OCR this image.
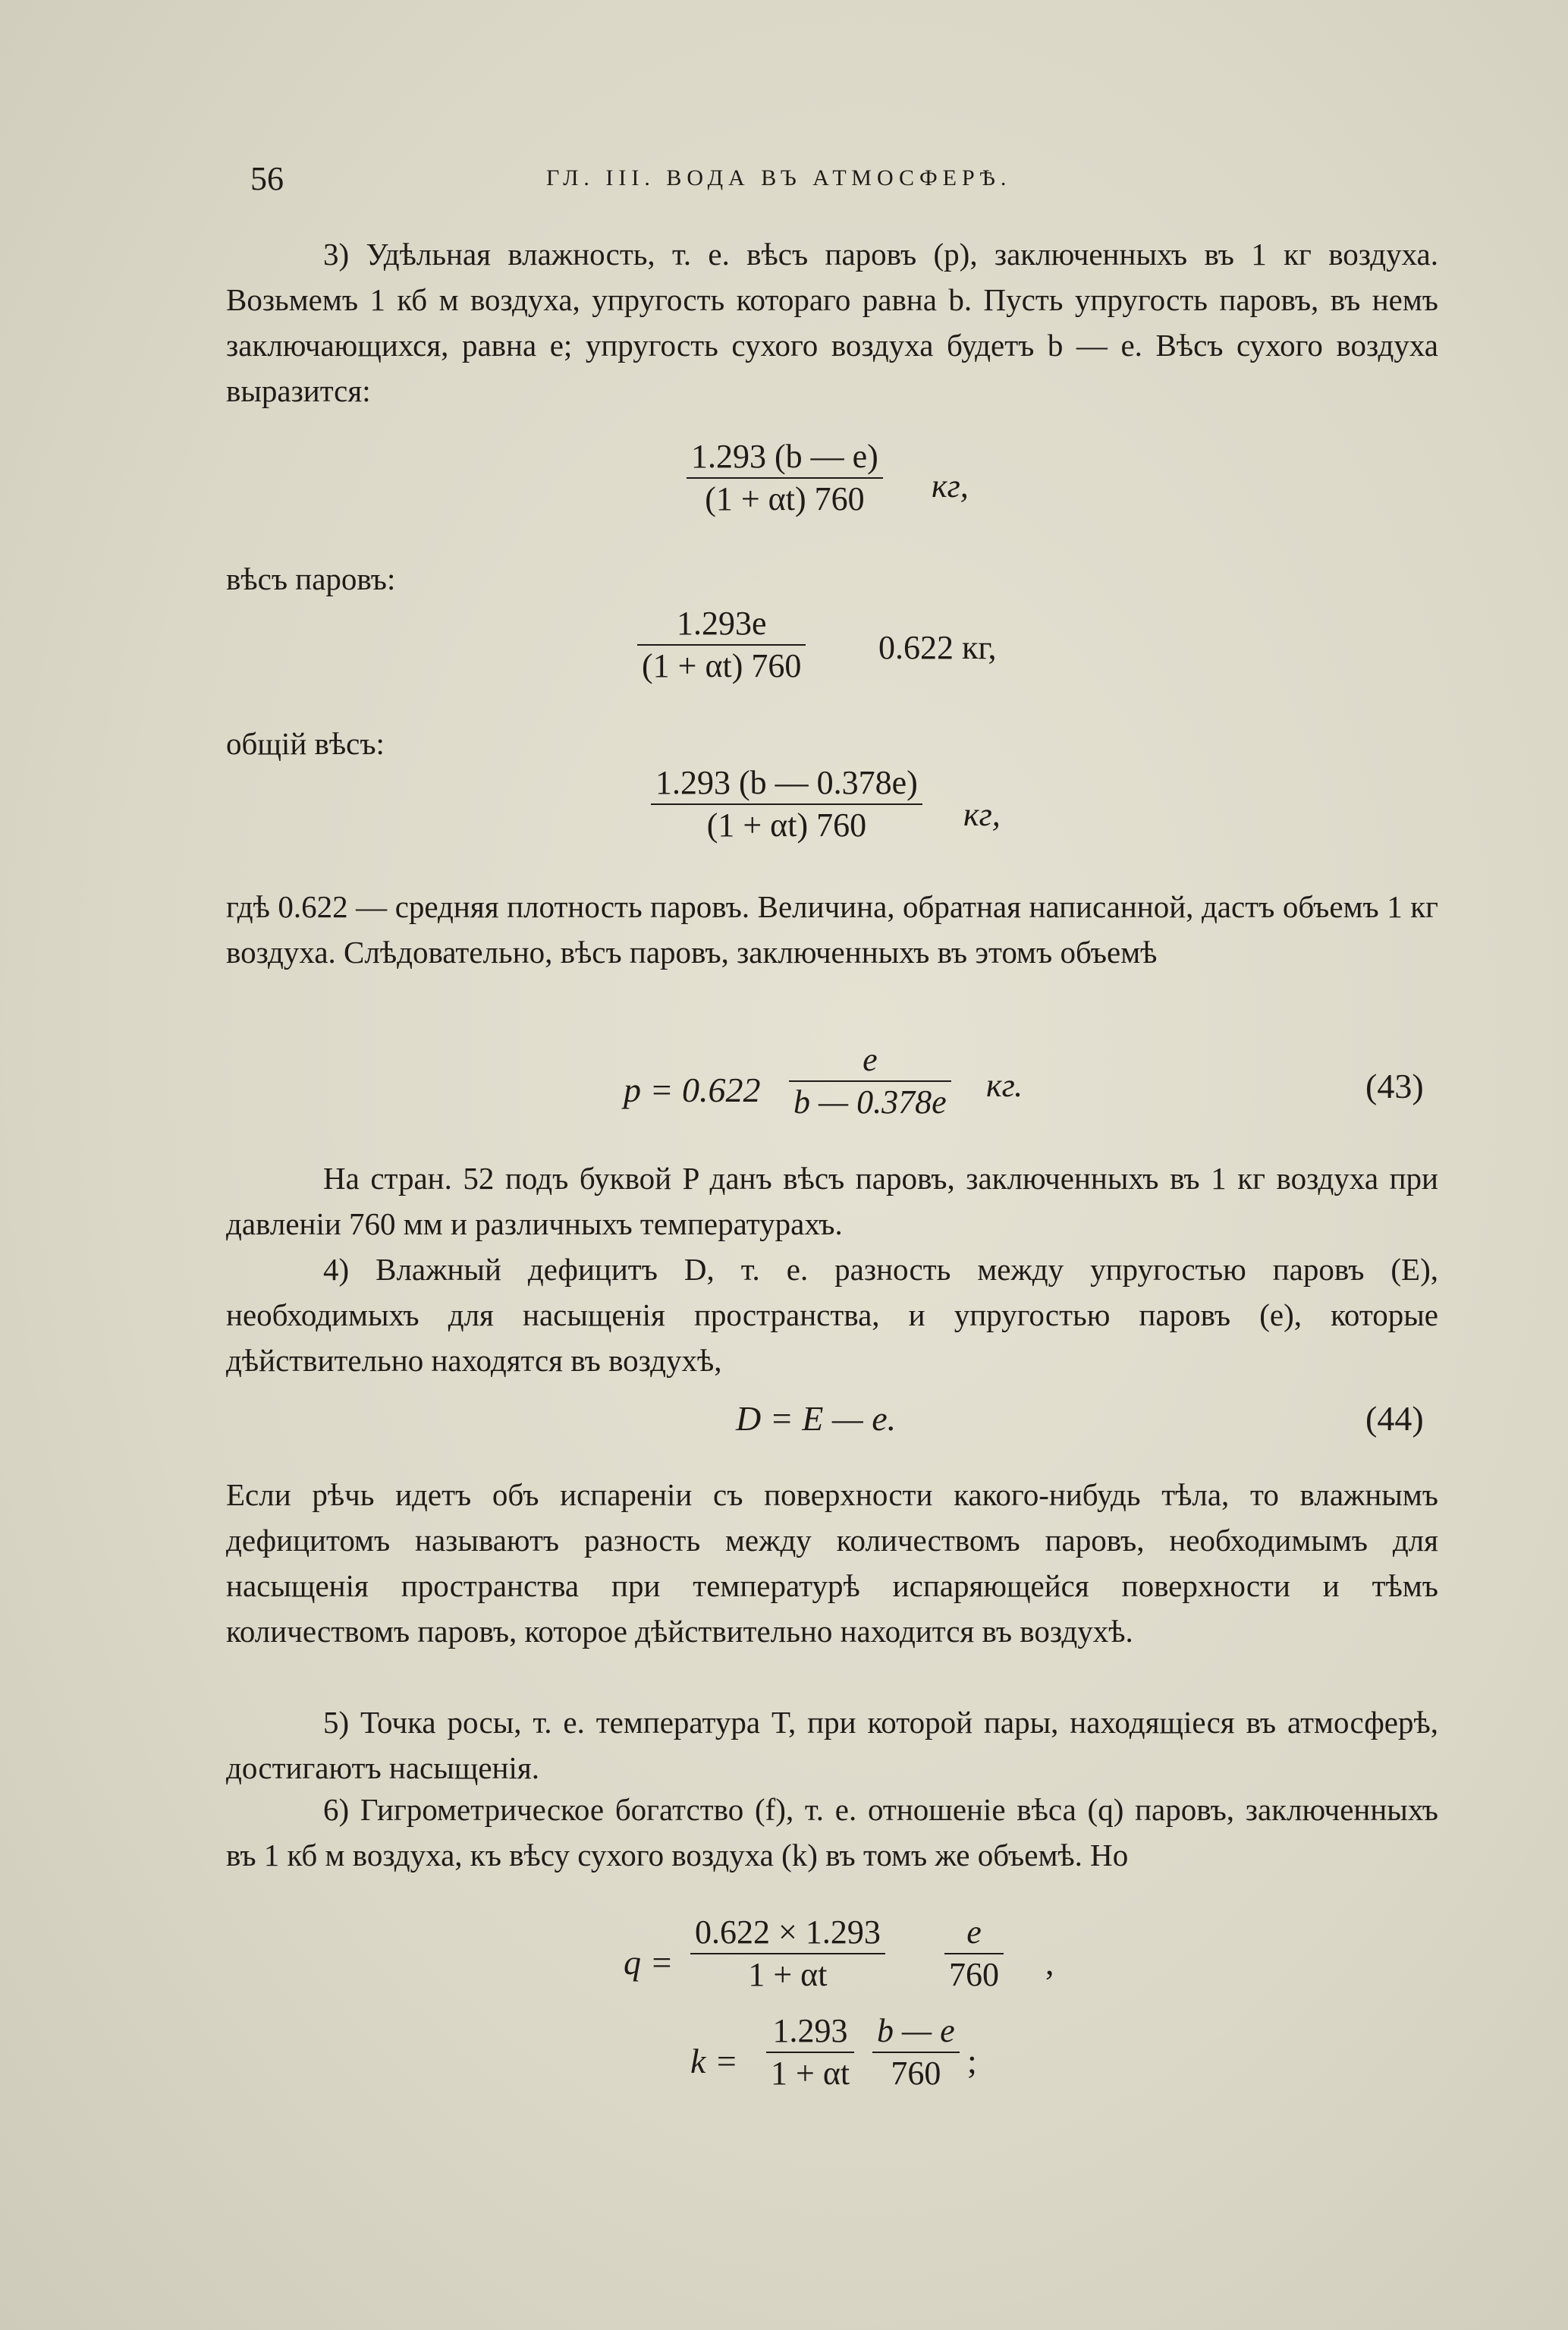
56	ГЛ. III. ВОДА ВЪ АТМОСФЕРѢ.
3) Удѣльная влажность, т. е. вѣсъ паровъ (p), заключенныхъ въ 1 кг воздуха. Возьмемъ 1 кб м воздуха, упругость котораго равна b. Пусть упругость паровъ, въ немъ заключающихся, равна e; упругость сухого воздуха будетъ b — e. Вѣсъ сухого воздуха выразится:
1.293 (b — e)
(1 + αt) 760	кг,
вѣсъ паровъ:
1.293e
(1 + αt) 760 0.622 кг,
общій вѣсъ:
1.293 (b — 0.378e)
(1 + αt) 760	кг,
гдѣ 0.622 — средняя плотность паровъ. Величина, обратная написанной, дастъ объемъ 1 кг воздуха. Слѣдовательно, вѣсъ паровъ, заключенныхъ въ этомъ объемѣ
p = 0.622
e
b — 0.378e кг.	(43)
На стран. 52 подъ буквой P данъ вѣсъ паровъ, заключенныхъ въ 1 кг воздуха при давленіи 760 мм и различныхъ температурахъ.
4) Влажный дефицитъ D, т. е. разность между упругостью паровъ (E), необходимыхъ для насыщенія пространства, и упругостью паровъ (e), которые дѣйствительно находятся въ воздухѣ,
D = E — e.	(44)
Если рѣчь идетъ объ испареніи съ поверхности какого-нибудь тѣла, то влажнымъ дефицитомъ называютъ разность между количествомъ паровъ, необходимымъ для насыщенія пространства при температурѣ испаряющейся поверхности и тѣмъ количествомъ паровъ, которое дѣйствительно находится въ воздухѣ.
5) Точка росы, т. е. температура T, при которой пары, находящіеся въ атмосферѣ, достигаютъ насыщенія.
6) Гигрометрическое богатство (f), т. е. отношеніе вѣса (q) паровъ, заключенныхъ въ 1 кб м воздуха, къ вѣсу сухого воздуха (k) въ томъ же объемѣ. Но
q =
0.622 × 1.293
1 + αt
e
760 ,
k =
1.293
1 + αt
b — e
760 ;
